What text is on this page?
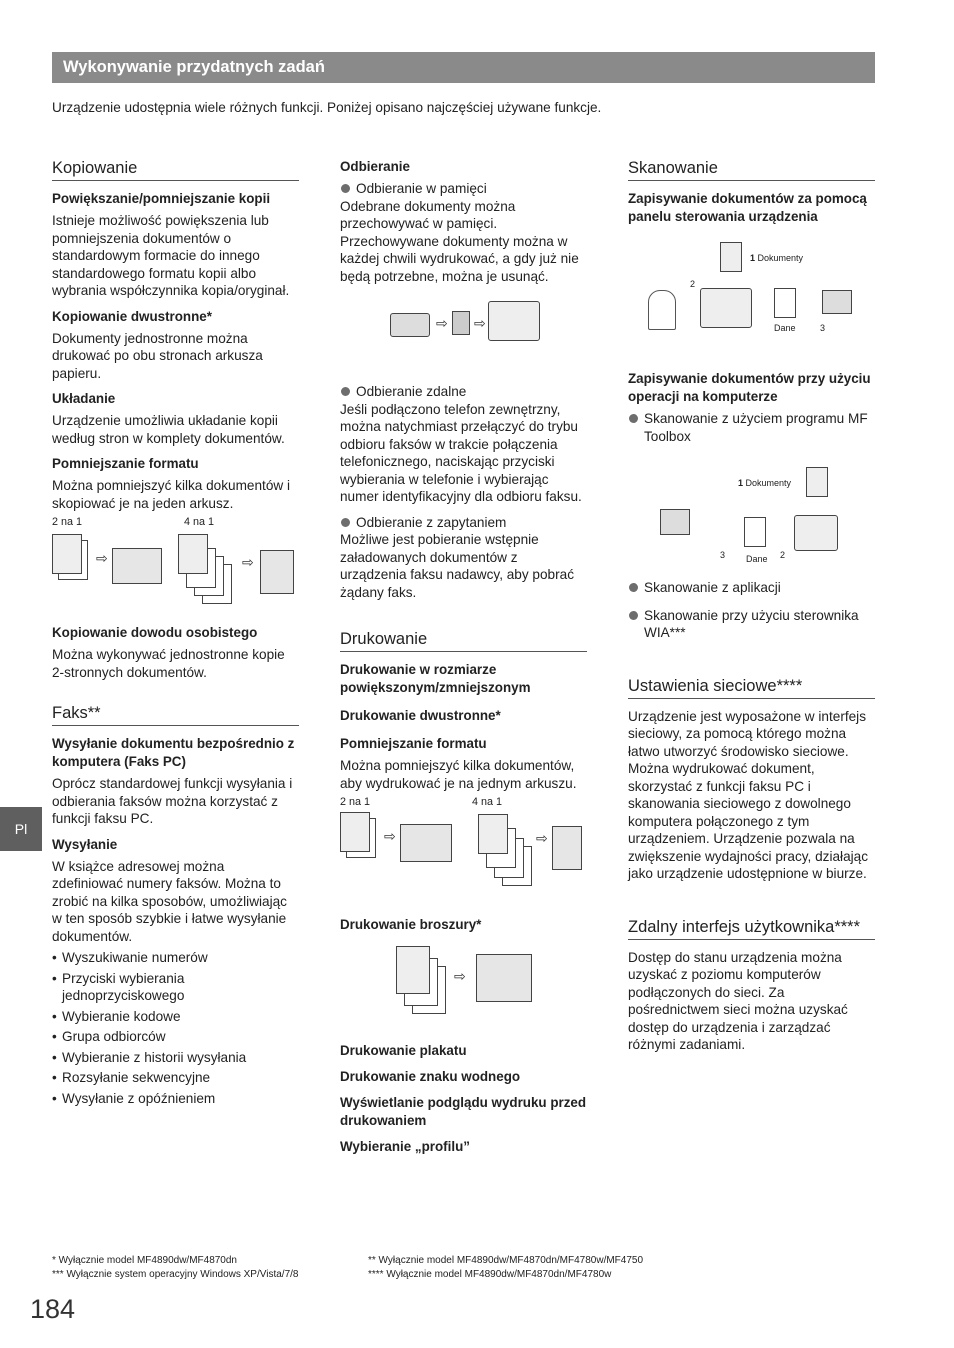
Wykonywanie przydatnych zadań
Urządzenie udostępnia wiele różnych funkcji. Poniżej opisano najczęściej używane funkcje.
Pl
Kopiowanie
Powiększanie/pomniejszanie kopii
Istnieje możliwość powiększenia lub pomniejszenia dokumentów o standardowym formacie do innego standardowego formatu kopii albo wybrania współczynnika kopia/oryginał.
Kopiowanie dwustronne*
Dokumenty jednostronne można drukować po obu stronach arkusza papieru.
Układanie
Urządzenie umożliwia układanie kopii według stron w komplety dokumentów.
Pomniejszanie formatu
Można pomniejszyć kilka dokumentów i skopiować je na jeden arkusz.
2 na 1	4 na 1
⇨	⇨
Kopiowanie dowodu osobistego
Można wykonywać jednostronne kopie 2-stronnych dokumentów.
Faks**
Wysyłanie dokumentu bezpośrednio z komputera (Faks PC)
Oprócz standardowej funkcji wysyłania i odbierania faksów można korzystać z funkcji faksu PC.
Wysyłanie
W książce adresowej można zdefiniować numery faksów. Można to zrobić na kilka sposobów, umożliwiając w ten sposób szybkie i łatwe wysyłanie dokumentów.
• Wyszukiwanie numerów
• Przyciski wybierania jednoprzyciskowego
• Wybieranie kodowe
• Grupa odbiorców
• Wybieranie z historii wysyłania
• Rozsyłanie sekwencyjne
• Wysyłanie z opóźnieniem
Odbieranie
Odbieranie w pamięci
Odebrane dokumenty można przechowywać w pamięci. Przechowywane dokumenty można w każdej chwili wydrukować, a gdy już nie będą potrzebne, można je usunąć.
⇨ ⇨
Odbieranie zdalne
Jeśli podłączono telefon zewnętrzny, można natychmiast przełączyć do trybu odbioru faksów w trakcie połączenia telefonicznego, naciskając przyciski wybierania w telefonie i wybierając numer identyfikacyjny dla odbioru faksu.
Odbieranie z zapytaniem
Możliwe jest pobieranie wstępnie załadowanych dokumentów z urządzenia faksu nadawcy, aby pobrać żądany faks.
Drukowanie
Drukowanie w rozmiarze powiększonym/zmniejszonym
Drukowanie dwustronne*
Pomniejszanie formatu
Można pomniejszyć kilka dokumentów, aby wydrukować je na jednym arkuszu.
2 na 1	4 na 1
⇨	⇨
Drukowanie broszury*
⇨
Drukowanie plakatu
Drukowanie znaku wodnego
Wyświetlanie podglądu wydruku przed drukowaniem
Wybieranie „profilu”
Skanowanie
Zapisywanie dokumentów za pomocą panelu sterowania urządzenia
1 Dokumenty
2
Dane	3
Zapisywanie dokumentów przy użyciu operacji na komputerze
Skanowanie z użyciem programu MF Toolbox
1 Dokumenty
3 Dane 2
Skanowanie z aplikacji
Skanowanie przy użyciu sterownika WIA***
Ustawienia sieciowe****
Urządzenie jest wyposażone w interfejs sieciowy, za pomocą którego można łatwo utworzyć środowisko sieciowe. Można wydrukować dokument, skorzystać z funkcji faksu PC i skanowania sieciowego z dowolnego komputera połączonego z tym urządzeniem. Urządzenie pozwala na zwiększenie wydajności pracy, działając jako urządzenie udostępnione w biurze.
Zdalny interfejs użytkownika****
Dostęp do stanu urządzenia można uzyskać z poziomu komputerów podłączonych do sieci. Za pośrednictwem sieci można uzyskać dostęp do urządzenia i zarządzać różnymi zadaniami.
* Wyłącznie model MF4890dw/MF4870dn
*** Wyłącznie system operacyjny Windows XP/Vista/7/8
** Wyłącznie model MF4890dw/MF4870dn/MF4780w/MF4750
**** Wyłącznie model MF4890dw/MF4870dn/MF4780w
184
